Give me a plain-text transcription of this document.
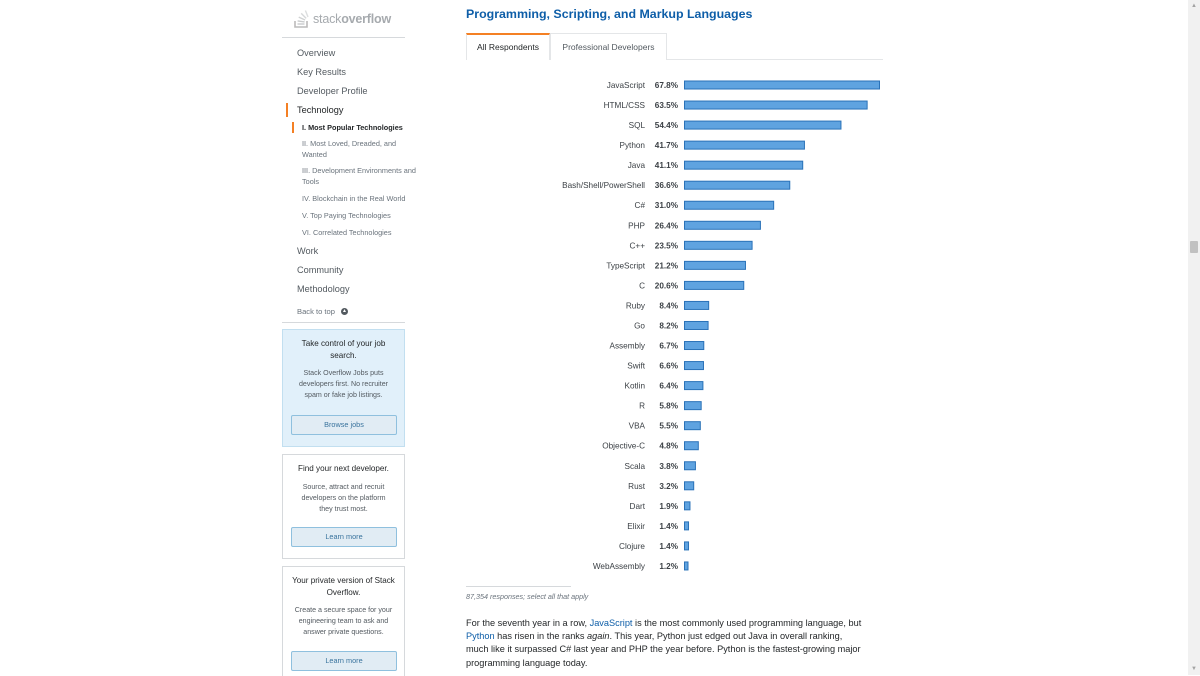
stackoverflow
Overview
Key Results
Developer Profile
Technology
I. Most Popular Technologies
II. Most Loved, Dreaded, and Wanted
III. Development Environments and Tools
IV. Blockchain in the Real World
V. Top Paying Technologies
VI. Correlated Technologies
Work
Community
Methodology
Back to top ▲
Take control of your job search.
Stack Overflow Jobs puts developers first. No recruiter spam or fake job listings.
Browse jobs
Find your next developer.
Source, attract and recruit developers on the platform they trust most.
Learn more
Your private version of Stack Overflow.
Create a secure space for your engineering team to ask and answer private questions.
Learn more
Programming, Scripting, and Markup Languages
All Respondents	Professional Developers
JavaScript 67.8%
HTML/CSS 63.5%
SQL 54.4%
Python 41.7%
Java 41.1%
Bash/Shell/PowerShell 36.6%
C# 31.0%
PHP 26.4%
C++ 23.5%
TypeScript 21.2%
C 20.6%
Ruby 8.4%
Go 8.2%
Assembly 6.7%
Swift 6.6%
Kotlin 6.4%
R 5.8%
VBA 5.5%
Objective-C 4.8%
Scala 3.8%
Rust 3.2%
Dart 1.9%
Elixir 1.4%
Clojure 1.4%
WebAssembly 1.2%
87,354 responses; select all that apply
For the seventh year in a row, JavaScript is the most commonly used programming language, but Python has risen in the ranks again. This year, Python just edged out Java in overall ranking, much like it surpassed C# last year and PHP the year before. Python is the fastest-growing major programming language today.
▲
▼
